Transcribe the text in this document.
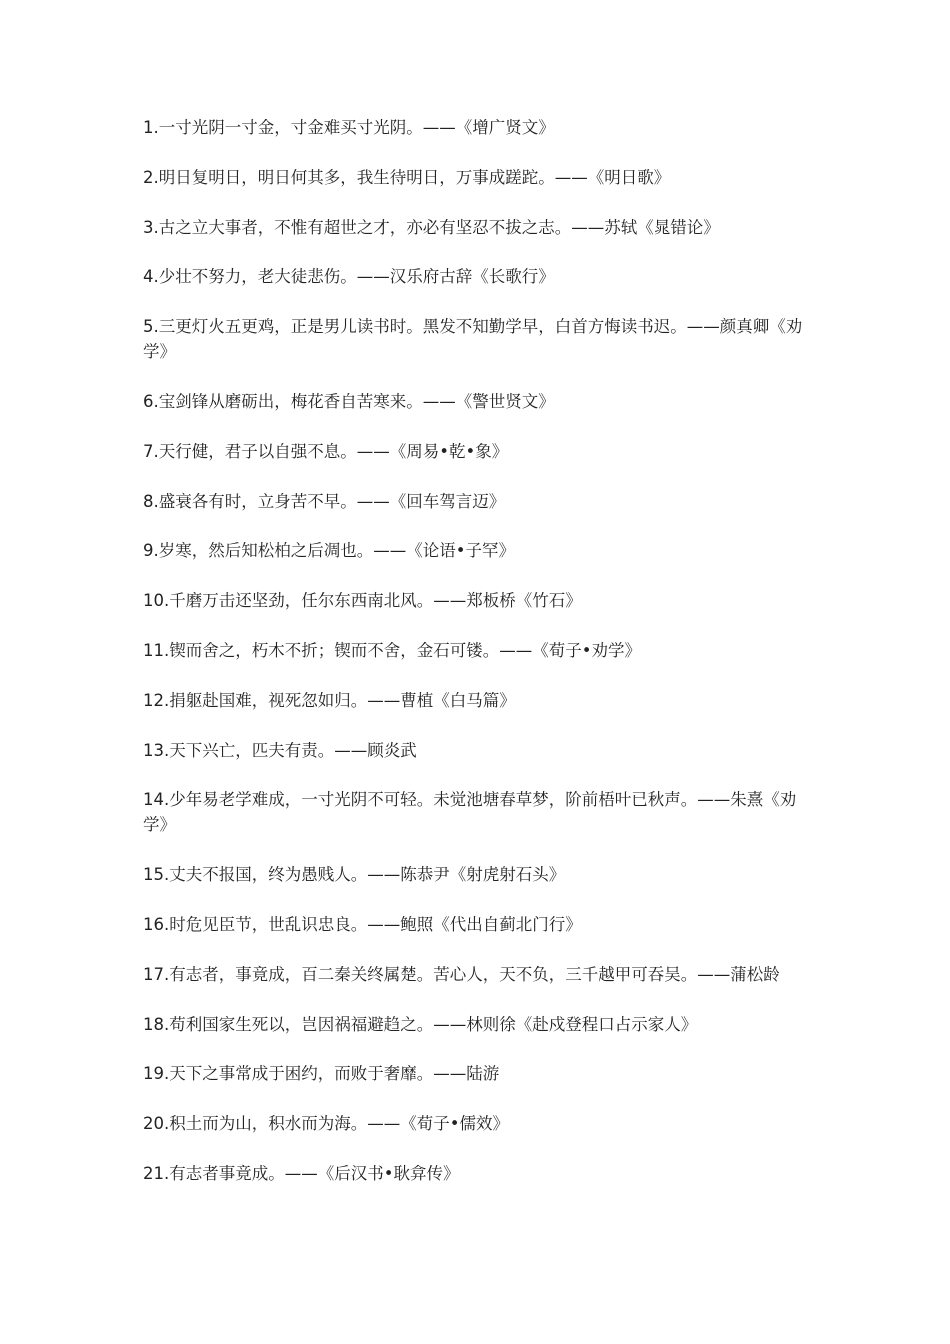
1.一寸光阴一寸金，寸金难买寸光阴。——《增广贤文》
2.明日复明日，明日何其多，我生待明日，万事成蹉跎。——《明日歌》
3.古之立大事者，不惟有超世之才，亦必有坚忍不拔之志。——苏轼《晁错论》
4.少壮不努力，老大徒悲伤。——汉乐府古辞《长歌行》
5.三更灯火五更鸡，正是男儿读书时。黑发不知勤学早，白首方悔读书迟。——颜真卿《劝学》
6.宝剑锋从磨砺出，梅花香自苦寒来。——《警世贤文》
7.天行健，君子以自强不息。——《周易•乾•象》
8.盛衰各有时，立身苦不早。——《回车驾言迈》
9.岁寒，然后知松柏之后凋也。——《论语•子罕》
10.千磨万击还坚劲，任尔东西南北风。——郑板桥《竹石》
11.锲而舍之，朽木不折；锲而不舍，金石可镂。——《荀子•劝学》
12.捐躯赴国难，视死忽如归。——曹植《白马篇》
13.天下兴亡，匹夫有责。——顾炎武
14.少年易老学难成，一寸光阴不可轻。未觉池塘春草梦，阶前梧叶已秋声。——朱熹《劝学》
15.丈夫不报国，终为愚贱人。——陈恭尹《射虎射石头》
16.时危见臣节，世乱识忠良。——鲍照《代出自蓟北门行》
17.有志者，事竟成，百二秦关终属楚。苦心人，天不负，三千越甲可吞吴。——蒲松龄
18.苟利国家生死以，岂因祸福避趋之。——林则徐《赴戍登程口占示家人》
19.天下之事常成于困约，而败于奢靡。——陆游
20.积土而为山，积水而为海。——《荀子•儒效》
21.有志者事竟成。——《后汉书•耿弇传》
